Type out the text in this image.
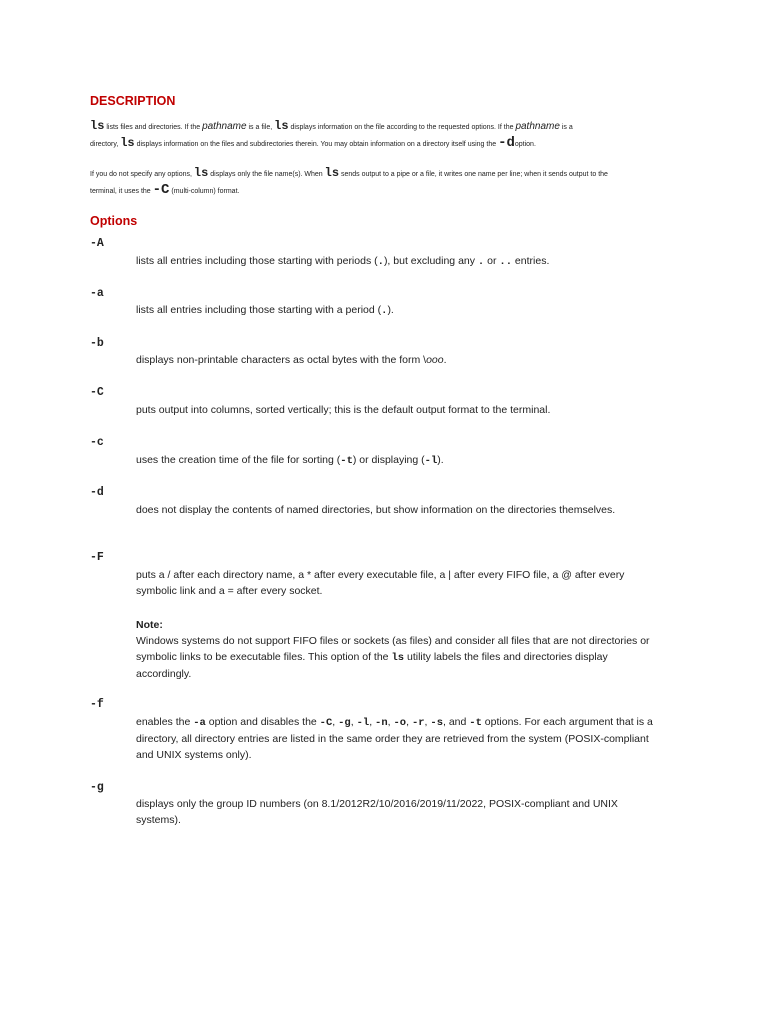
DESCRIPTION
ls lists files and directories. If the pathname is a file, ls displays information on the file according to the requested options. If the pathname is a
directory, ls displays information on the files and subdirectories therein. You may obtain information on a directory itself using the -doption.
If you do not specify any options, ls displays only the file name(s). When ls sends output to a pipe or a file, it writes one name per line; when it sends output to the
terminal, it uses the -C (multi-column) format.
Options
-A
lists all entries including those starting with periods (.), but excluding any . or .. entries.
-a
lists all entries including those starting with a period (.).
-b
displays non-printable characters as octal bytes with the form \ooo.
-C
puts output into columns, sorted vertically; this is the default output format to the terminal.
-c
uses the creation time of the file for sorting (-t) or displaying (-l).
-d
does not display the contents of named directories, but show information on the directories themselves.
-F
puts a / after each directory name, a * after every executable file, a | after every FIFO file, a @ after every symbolic link and a = after every socket.
Note:
Windows systems do not support FIFO files or sockets (as files) and consider all files that are not directories or symbolic links to be executable files. This option of the ls utility labels the files and directories display accordingly.
-f
enables the -a option and disables the -C, -g, -l, -n, -o, -r, -s, and -t options. For each argument that is a directory, all directory entries are listed in the same order they are retrieved from the system (POSIX-compliant and UNIX systems only).
-g
displays only the group ID numbers (on 8.1/2012R2/10/2016/2019/11/2022, POSIX-compliant and UNIX systems).
